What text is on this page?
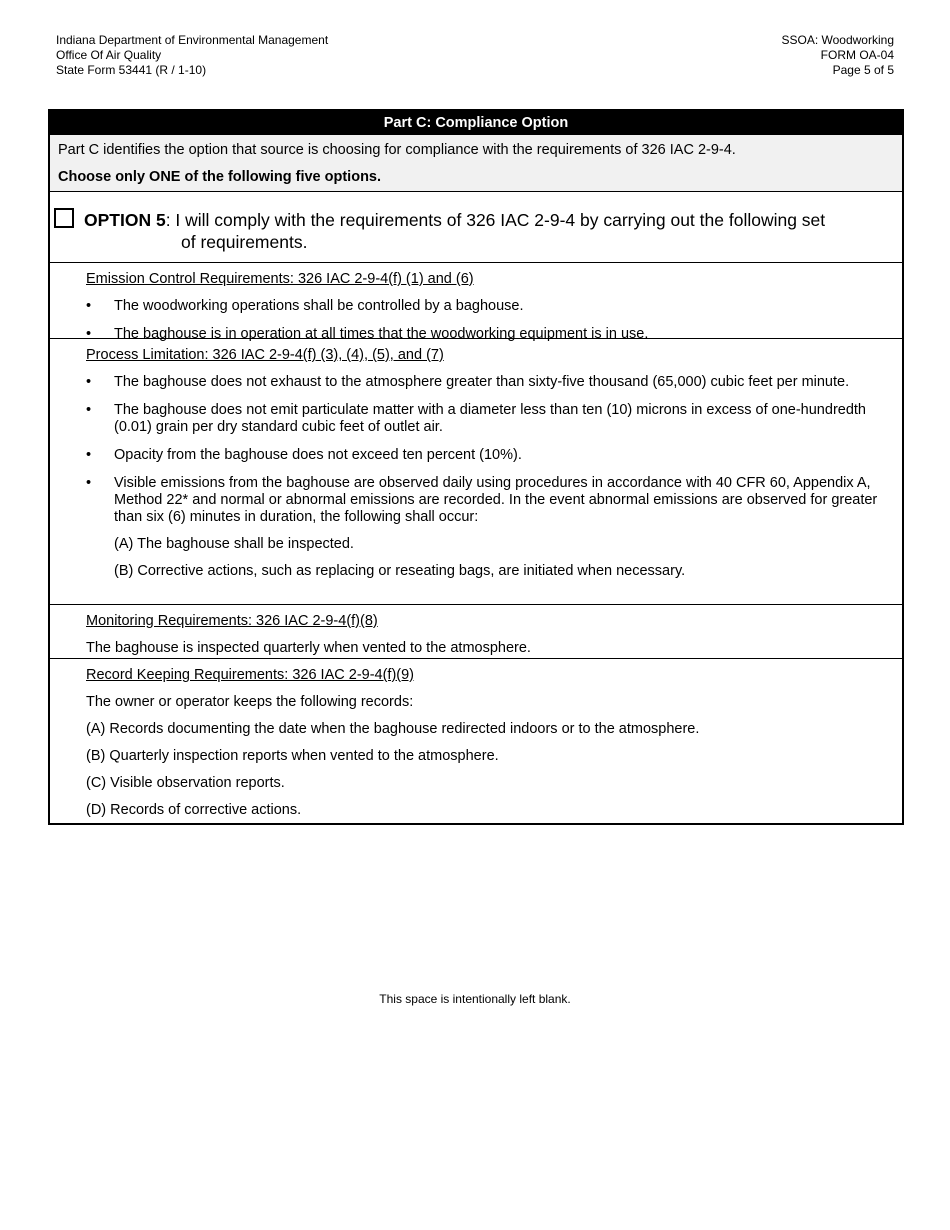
Indiana Department of Environmental Management
Office Of Air Quality
State Form 53441 (R / 1-10)
SSOA: Woodworking
FORM OA-04
Page 5 of 5
Part C: Compliance Option

Part C identifies the option that source is choosing for compliance with the requirements of 326 IAC 2-9-4.

Choose only ONE of the following five options.

OPTION 5: I will comply with the requirements of 326 IAC 2-9-4 by carrying out the following set
of requirements.
Emission Control Requirements: 326 IAC 2-9-4(f) (1) and (6)
• The woodworking operations shall be controlled by a baghouse.
• The baghouse is in operation at all times that the woodworking equipment is in use.
Process Limitation: 326 IAC 2-9-4(f) (3), (4), (5), and (7)
• The baghouse does not exhaust to the atmosphere greater than sixty-five thousand (65,000) cubic feet per minute.
• The baghouse does not emit particulate matter with a diameter less than ten (10) microns in excess of one-hundredth (0.01) grain per dry standard cubic feet of outlet air.
• Opacity from the baghouse does not exceed ten percent (10%).
• Visible emissions from the baghouse are observed daily using procedures in accordance with 40 CFR 60, Appendix A, Method 22* and normal or abnormal emissions are recorded. In the event abnormal emissions are observed for greater than six (6) minutes in duration, the following shall occur:
(A) The baghouse shall be inspected.
(B) Corrective actions, such as replacing or reseating bags, are initiated when necessary.
Monitoring Requirements: 326 IAC 2-9-4(f)(8)
The baghouse is inspected quarterly when vented to the atmosphere.
Record Keeping Requirements: 326 IAC 2-9-4(f)(9)
The owner or operator keeps the following records:
(A) Records documenting the date when the baghouse redirected indoors or to the atmosphere.
(B) Quarterly inspection reports when vented to the atmosphere.
(C) Visible observation reports.
(D) Records of corrective actions.
This space is intentionally left blank.
